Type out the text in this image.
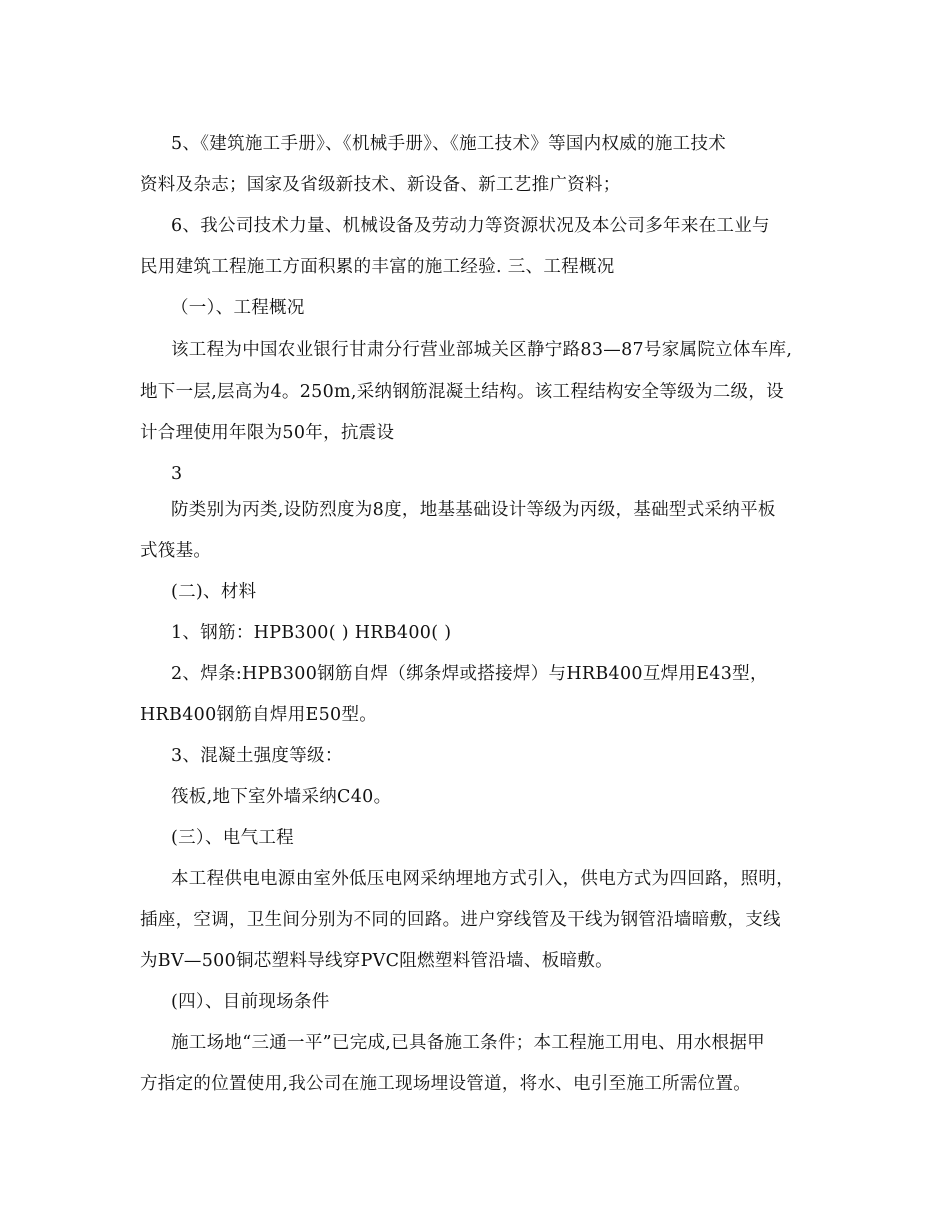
5、《建筑施工手册》、《机械手册》、《施工技术》等国内权威的施工技术
资料及杂志；国家及省级新技术、新设备、新工艺推广资料；
6、我公司技术力量、机械设备及劳动力等资源状况及本公司多年来在工业与
民用建筑工程施工方面积累的丰富的施工经验. 三、工程概况
（一）、工程概况
该工程为中国农业银行甘肃分行营业部城关区静宁路83—87号家属院立体车库,
地下一层,层高为4。250m,采纳钢筋混凝土结构。该工程结构安全等级为二级，设
计合理使用年限为50年，抗震设
3
防类别为丙类,设防烈度为8度，地基基础设计等级为丙级，基础型式采纳平板
式筏基。
(二)、材料
1、钢筋：HPB300( ) HRB400( )
2、焊条:HPB300钢筋自焊（绑条焊或搭接焊）与HRB400互焊用E43型，
HRB400钢筋自焊用E50型。
3、混凝土强度等级：
筏板,地下室外墙采纳C40。
(三）、电气工程
本工程供电电源由室外低压电网采纳埋地方式引入，供电方式为四回路，照明，
插座，空调，卫生间分别为不同的回路。进户穿线管及干线为钢管沿墙暗敷，支线
为BV—500铜芯塑料导线穿PVC阻燃塑料管沿墙、板暗敷。
(四）、目前现场条件
施工场地“三通一平”已完成,已具备施工条件；本工程施工用电、用水根据甲
方指定的位置使用,我公司在施工现场埋设管道，将水、电引至施工所需位置。
